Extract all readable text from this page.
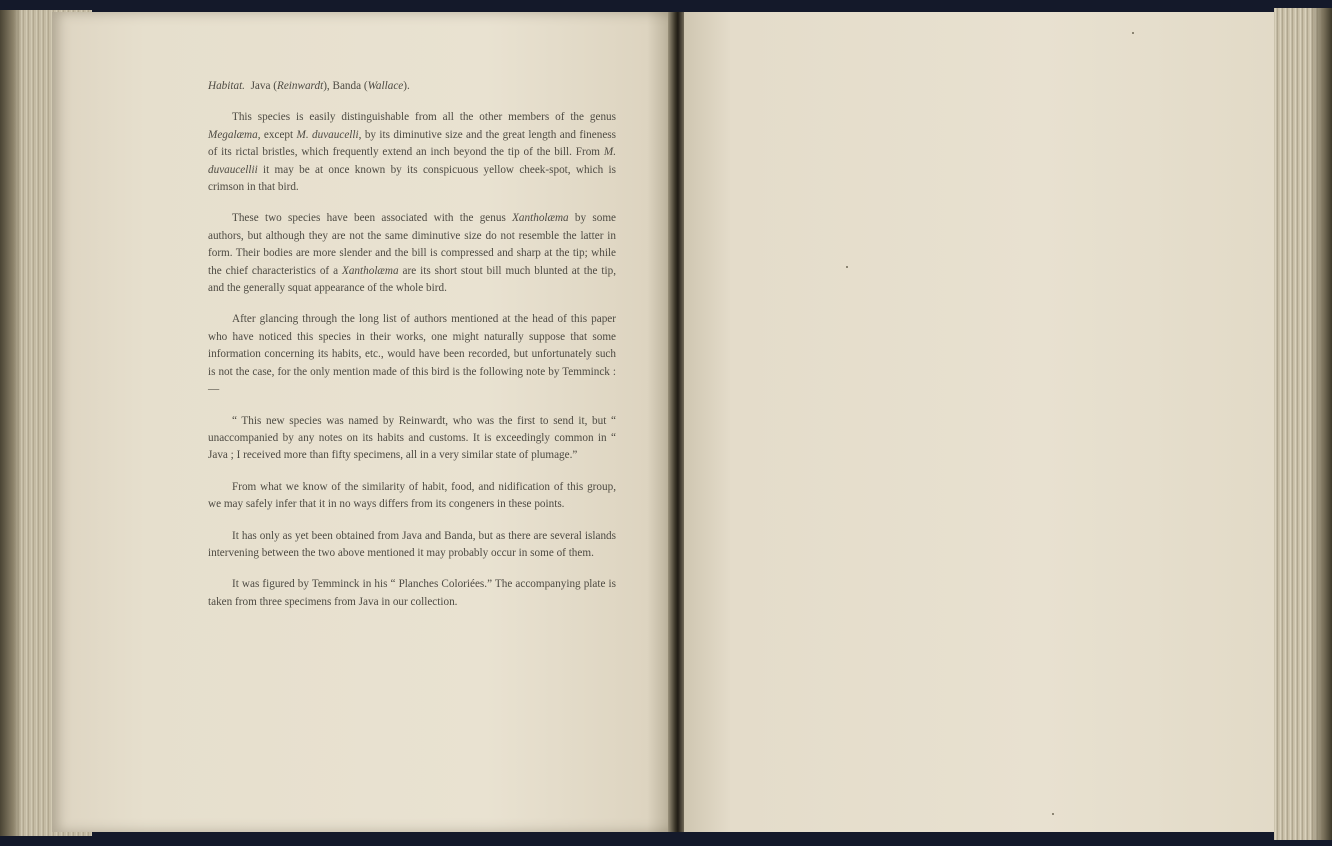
Habitat. Java (Reinwardt), Banda (Wallace).

This species is easily distinguishable from all the other members of the genus Megalæma, except M. duvaucelli, by its diminutive size and the great length and fineness of its rictal bristles, which frequently extend an inch beyond the tip of the bill. From M. duvaucellii it may be at once known by its conspicuous yellow cheek-spot, which is crimson in that bird.

These two species have been associated with the genus Xantholæma by some authors, but although they are not the same diminutive size do not resemble the latter in form. Their bodies are more slender and the bill is compressed and sharp at the tip; while the chief characteristics of a Xantholæma are its short stout bill much blunted at the tip, and the generally squat appearance of the whole bird.

After glancing through the long list of authors mentioned at the head of this paper who have noticed this species in their works, one might naturally suppose that some information concerning its habits, etc., would have been recorded, but unfortunately such is not the case, for the only mention made of this bird is the following note by Temminck :—

“ This new species was named by Reinwardt, who was the first to send it, but “ unaccompanied by any notes on its habits and customs. It is exceedingly common in “ Java ; I received more than fifty specimens, all in a very similar state of plumage.”

From what we know of the similarity of habit, food, and nidification of this group, we may safely infer that it in no ways differs from its congeners in these points.

It has only as yet been obtained from Java and Banda, but as there are several islands intervening between the two above mentioned it may probably occur in some of them.

It was figured by Temminck in his “ Planches Coloriées.” The accompanying plate is taken from three specimens from Java in our collection.
